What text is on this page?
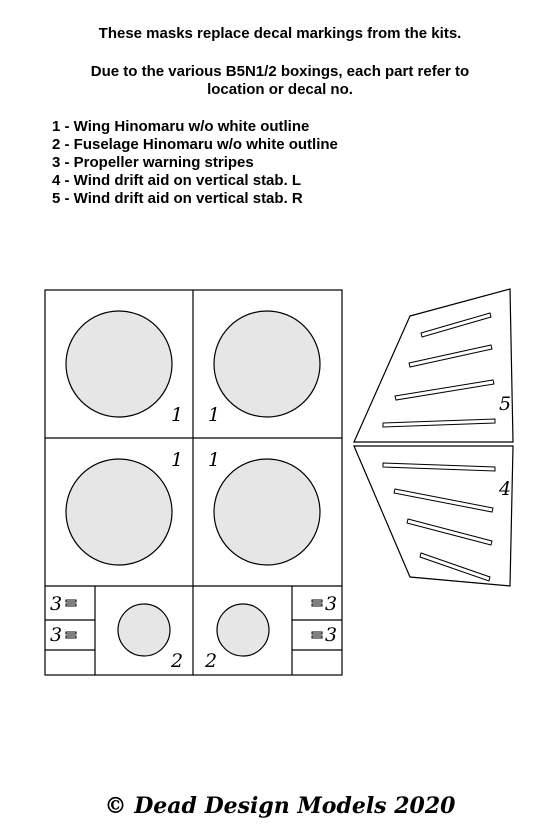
These masks replace decal markings from the kits.
Due to the various B5N1/2 boxings, each part refer to
location or decal no.
1 - Wing Hinomaru w/o white outline
2 - Fuselage Hinomaru w/o white outline
3 - Propeller warning stripes
4 - Wind drift aid on vertical stab. L
5 - Wind drift aid on vertical stab. R
1 1
1 1
2 2
3
3
3
3
5
4
© Dead Design Models 2020
